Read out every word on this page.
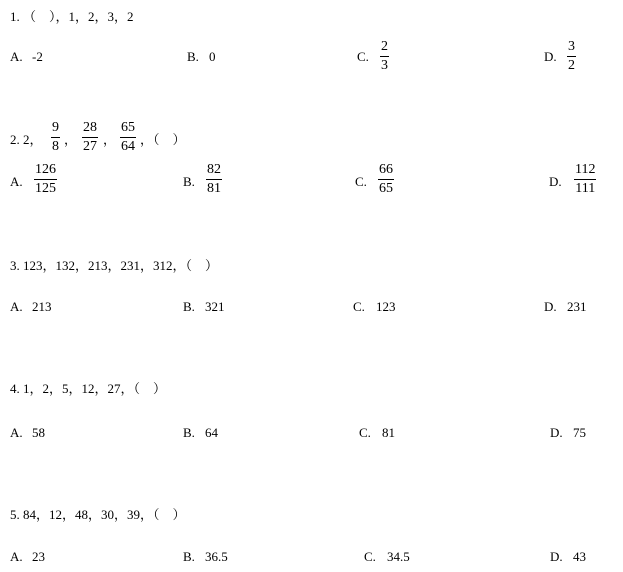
1. （    ），1，2，3，2
A. -2	B. 0	C.
2
3
D.
3
2
2. 2，
9
8 ，
28
27 ，
65
64 ，（    ）
A.
126
125	B.
82
81	C.
66
65	D.
112
111
3. 123，132，213，231，312，（    ）
A. 213	B. 321	C. 123	D. 231
4. 1，2，5，12，27，（    ）
A. 58	B. 64	C. 81	D. 75
5. 84，12，48，30，39，（    ）
A. 23	B. 36.5	C. 34.5	D. 43
